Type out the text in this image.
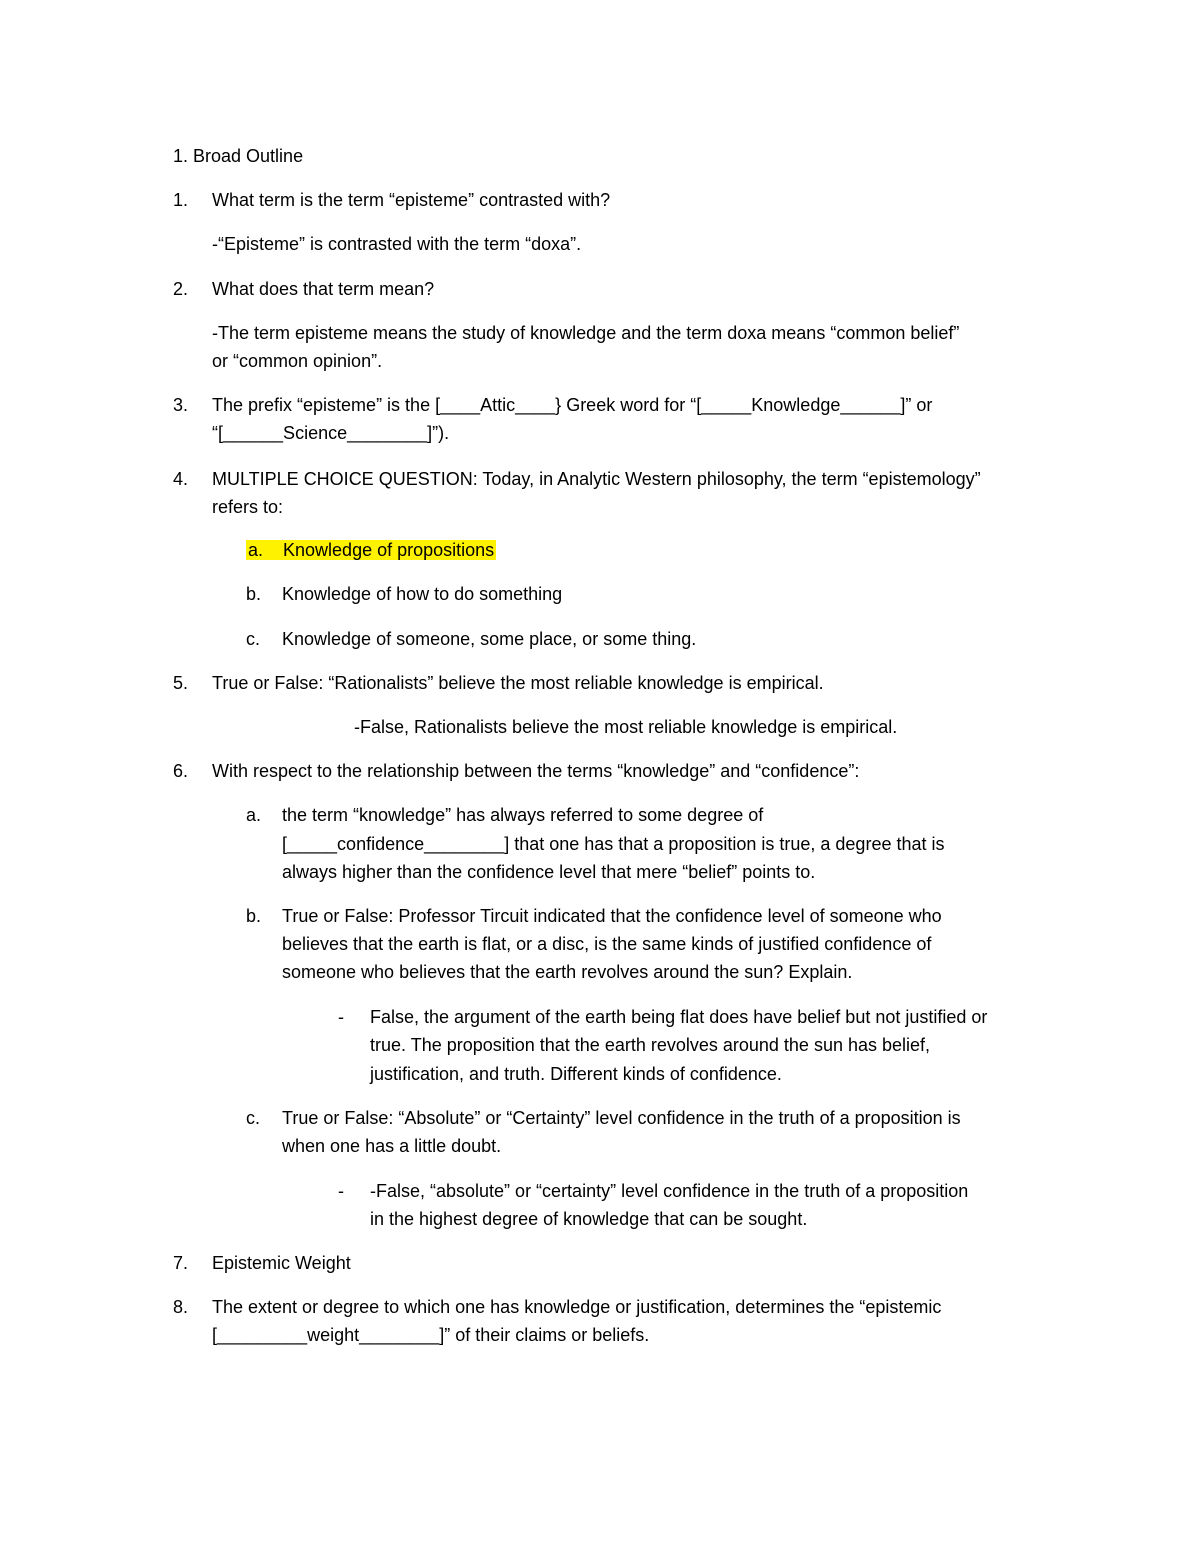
1. Broad Outline
1. What term is the term “episteme” contrasted with?
-“Episteme” is contrasted with the term “doxa”.
2. What does that term mean?
-The term episteme means the study of knowledge and the term doxa means “common belief”
or “common opinion”.
3. The prefix “episteme” is the [____Attic____} Greek word for “[_____Knowledge______]” or
“[______Science________]”).
4. MULTIPLE CHOICE QUESTION: Today, in Analytic Western philosophy, the term “epistemology”
refers to:
a. Knowledge of propositions
b. Knowledge of how to do something
c. Knowledge of someone, some place, or some thing.
5. True or False: “Rationalists” believe the most reliable knowledge is empirical.
-False, Rationalists believe the most reliable knowledge is empirical.
6. With respect to the relationship between the terms “knowledge” and “confidence”:
a. the term “knowledge” has always referred to some degree of
[_____confidence________] that one has that a proposition is true, a degree that is
always higher than the confidence level that mere “belief” points to.
b. True or False: Professor Tircuit indicated that the confidence level of someone who
believes that the earth is flat, or a disc, is the same kinds of justified confidence of
someone who believes that the earth revolves around the sun? Explain.
- False, the argument of the earth being flat does have belief but not justified or
true. The proposition that the earth revolves around the sun has belief,
justification, and truth. Different kinds of confidence.
c. True or False: “Absolute” or “Certainty” level confidence in the truth of a proposition is
when one has a little doubt.
- -False, “absolute” or “certainty” level confidence in the truth of a proposition
in the highest degree of knowledge that can be sought.
7. Epistemic Weight
8. The extent or degree to which one has knowledge or justification, determines the “epistemic
[_________weight________]” of their claims or beliefs.
